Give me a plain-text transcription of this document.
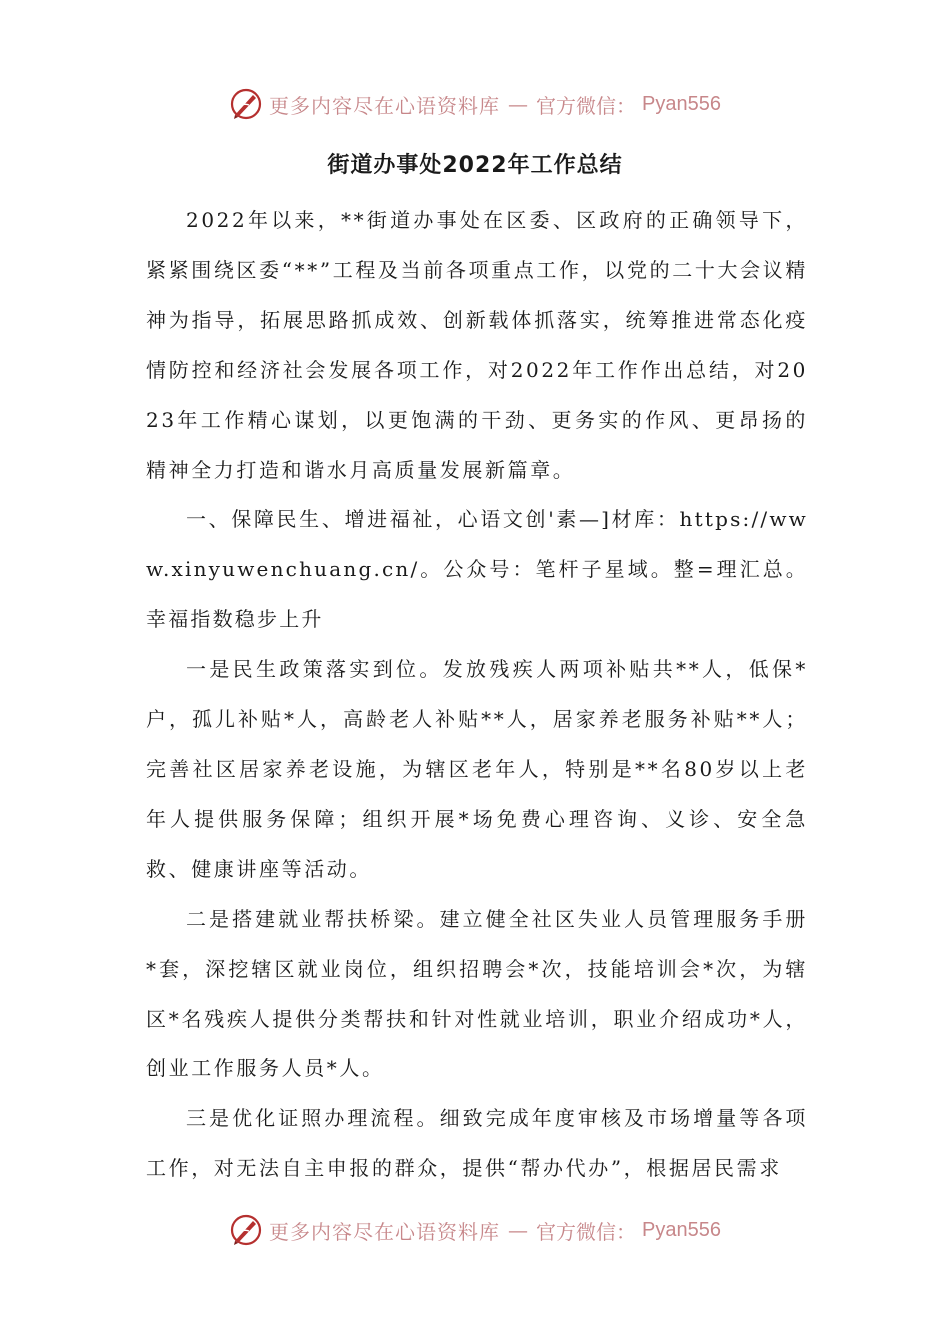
更多内容尽在心语资料库 — 官方微信： Pyan556
街道办事处2022年工作总结

2022年以来，**街道办事处在区委、区政府的正确领导下，紧紧围绕区委“**”工程及当前各项重点工作，以党的二十大会议精神为指导，拓展思路抓成效、创新载体抓落实，统筹推进常态化疫情防控和经济社会发展各项工作，对2022年工作作出总结，对2023年工作精心谋划，以更饱满的干劲、更务实的作风、更昂扬的精神全力打造和谐水月高质量发展新篇章。

一、保障民生、增进福祉，心语文创'素—]材库：https://www.xinyuwenchuang.cn/。公众号：笔杆子星域。整=理汇总。幸福指数稳步上升

一是民生政策落实到位。发放残疾人两项补贴共**人，低保*户，孤儿补贴*人，高龄老人补贴**人，居家养老服务补贴**人；完善社区居家养老设施，为辖区老年人，特别是**名80岁以上老年人提供服务保障；组织开展*场免费心理咨询、义诊、安全急救、健康讲座等活动。

二是搭建就业帮扶桥梁。建立健全社区失业人员管理服务手册*套，深挖辖区就业岗位，组织招聘会*次，技能培训会*次，为辖区*名残疾人提供分类帮扶和针对性就业培训，职业介绍成功*人，创业工作服务人员*人。

三是优化证照办理流程。细致完成年度审核及市场增量等各项工作，对无法自主申报的群众，提供“帮办代办”，根据居民需求

更多内容尽在心语资料库 — 官方微信： Pyan556
